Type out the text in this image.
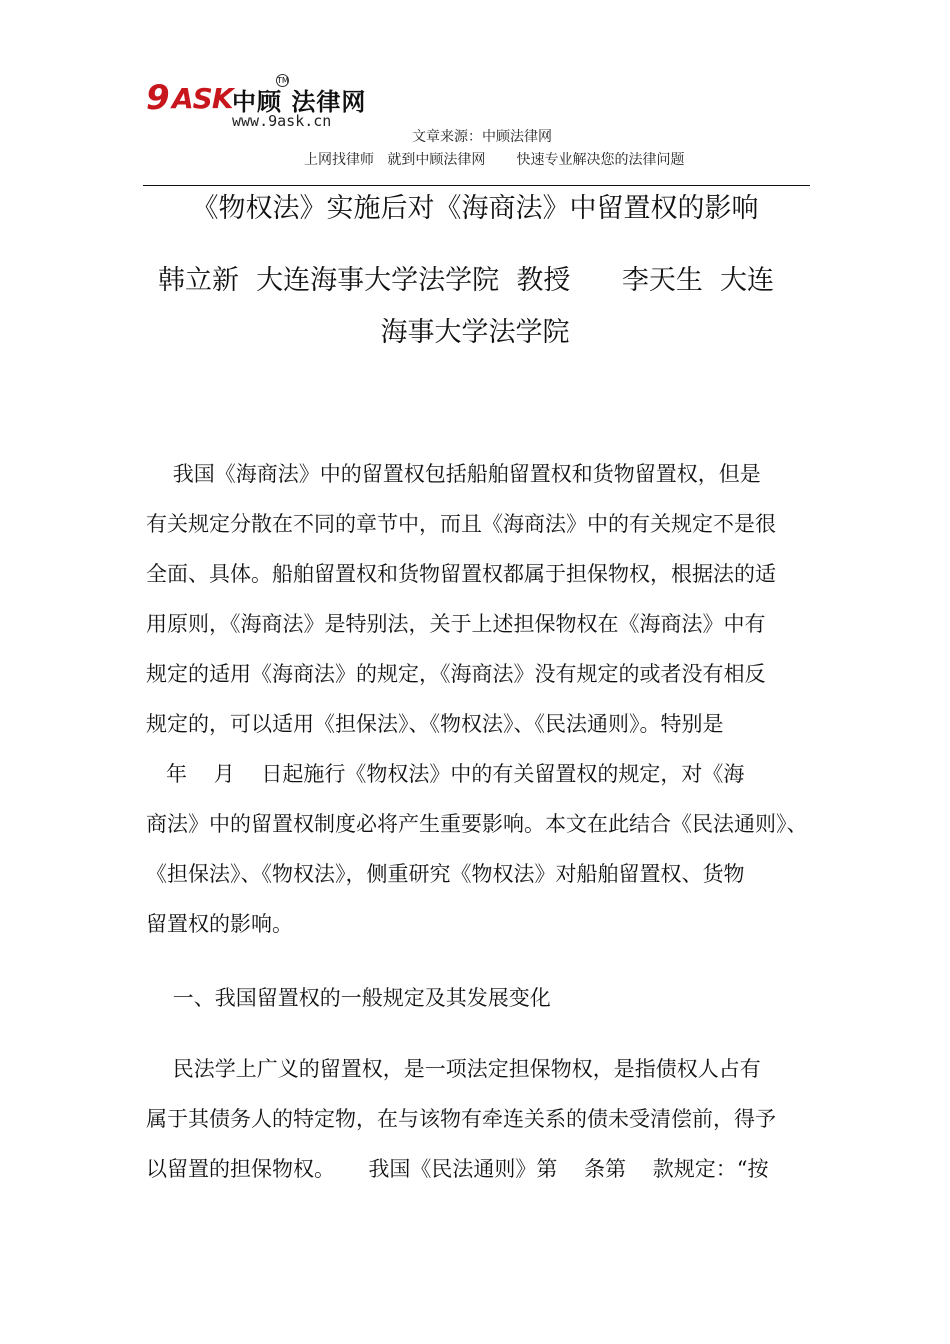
9 ASK 中顾 法律网
TM
www.9ask.cn
文章来源：中顾法律网
上网找律师   就到中顾法律网       快速专业解决您的法律问题
《物权法》实施后对《海商法》中留置权的影响
韩立新  大连海事大学法学院  教授      李天生  大连
海事大学法学院
我国《海商法》中的留置权包括船舶留置权和货物留置权，但是
有关规定分散在不同的章节中，而且《海商法》中的有关规定不是很
全面、具体。船舶留置权和货物留置权都属于担保物权，根据法的适
用原则，《海商法》是特别法，关于上述担保物权在《海商法》中有
规定的适用《海商法》的规定，《海商法》没有规定的或者没有相反
规定的，可以适用《担保法》、《物权法》、《民法通则》。特别是
年    月    日起施行《物权法》中的有关留置权的规定，对《海
商法》中的留置权制度必将产生重要影响。本文在此结合《民法通则》、
《担保法》、《物权法》，侧重研究《物权法》对船舶留置权、货物
留置权的影响。
一、我国留置权的一般规定及其发展变化
民法学上广义的留置权，是一项法定担保物权，是指债权人占有
属于其债务人的特定物，在与该物有牵连关系的债未受清偿前，得予
以留置的担保物权。     我国《民法通则》第    条第    款规定：“按
